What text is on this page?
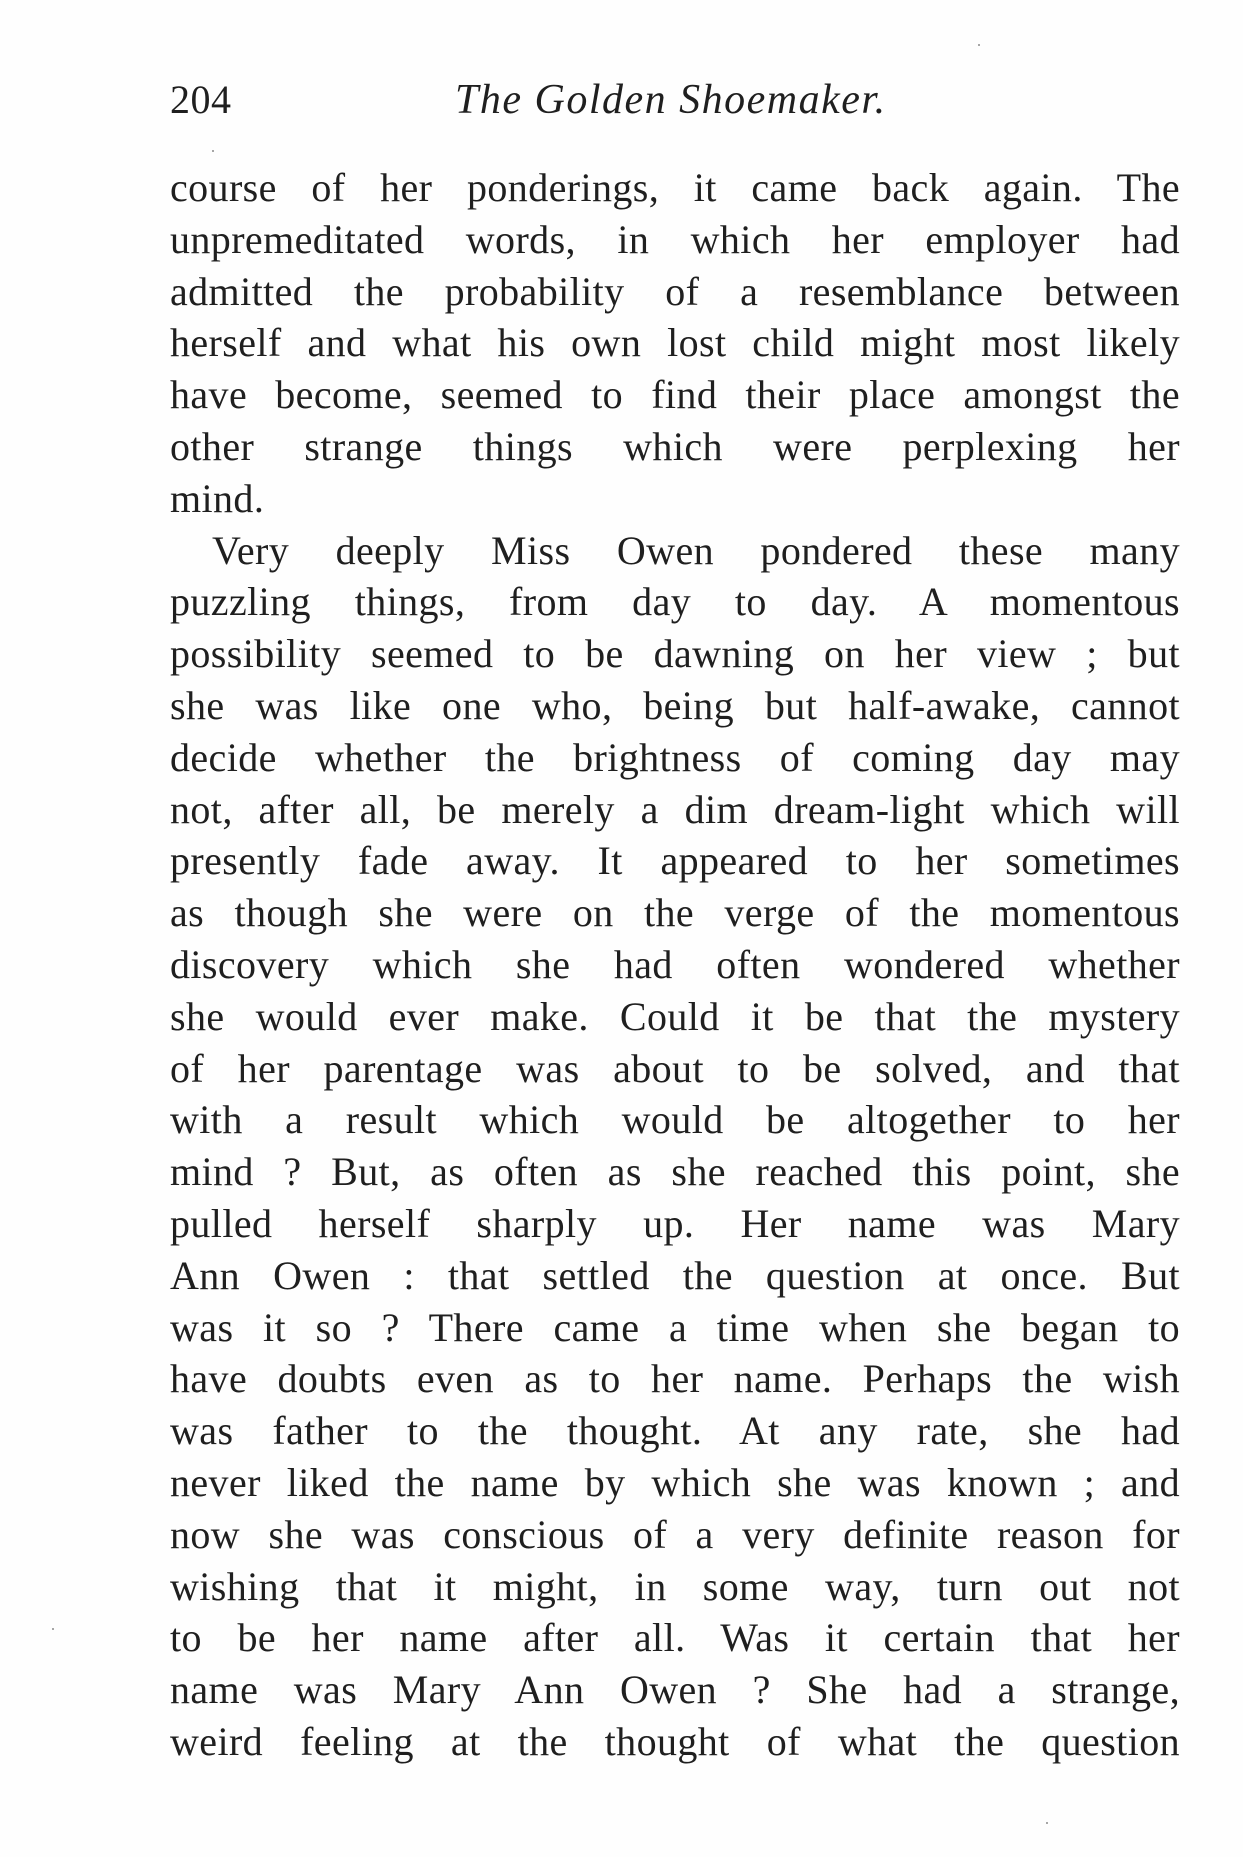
204	The Golden Shoemaker.
course of her ponderings, it came back again. The
unpremeditated words, in which her employer had
admitted the probability of a resemblance between
herself and what his own lost child might most likely
have become, seemed to find their place amongst the
other strange things which were perplexing her
mind.
Very deeply Miss Owen pondered these many
puzzling things, from day to day. A momentous
possibility seemed to be dawning on her view ; but
she was like one who, being but half-awake, cannot
decide whether the brightness of coming day may
not, after all, be merely a dim dream-light which will
presently fade away. It appeared to her sometimes
as though she were on the verge of the momentous
discovery which she had often wondered whether
she would ever make. Could it be that the mystery
of her parentage was about to be solved, and that
with a result which would be altogether to her
mind ? But, as often as she reached this point, she
pulled herself sharply up. Her name was Mary
Ann Owen : that settled the question at once. But
was it so ? There came a time when she began to
have doubts even as to her name. Perhaps the wish
was father to the thought. At any rate, she had
never liked the name by which she was known ; and
now she was conscious of a very definite reason for
wishing that it might, in some way, turn out not
to be her name after all. Was it certain that her
name was Mary Ann Owen ? She had a strange,
weird feeling at the thought of what the question
